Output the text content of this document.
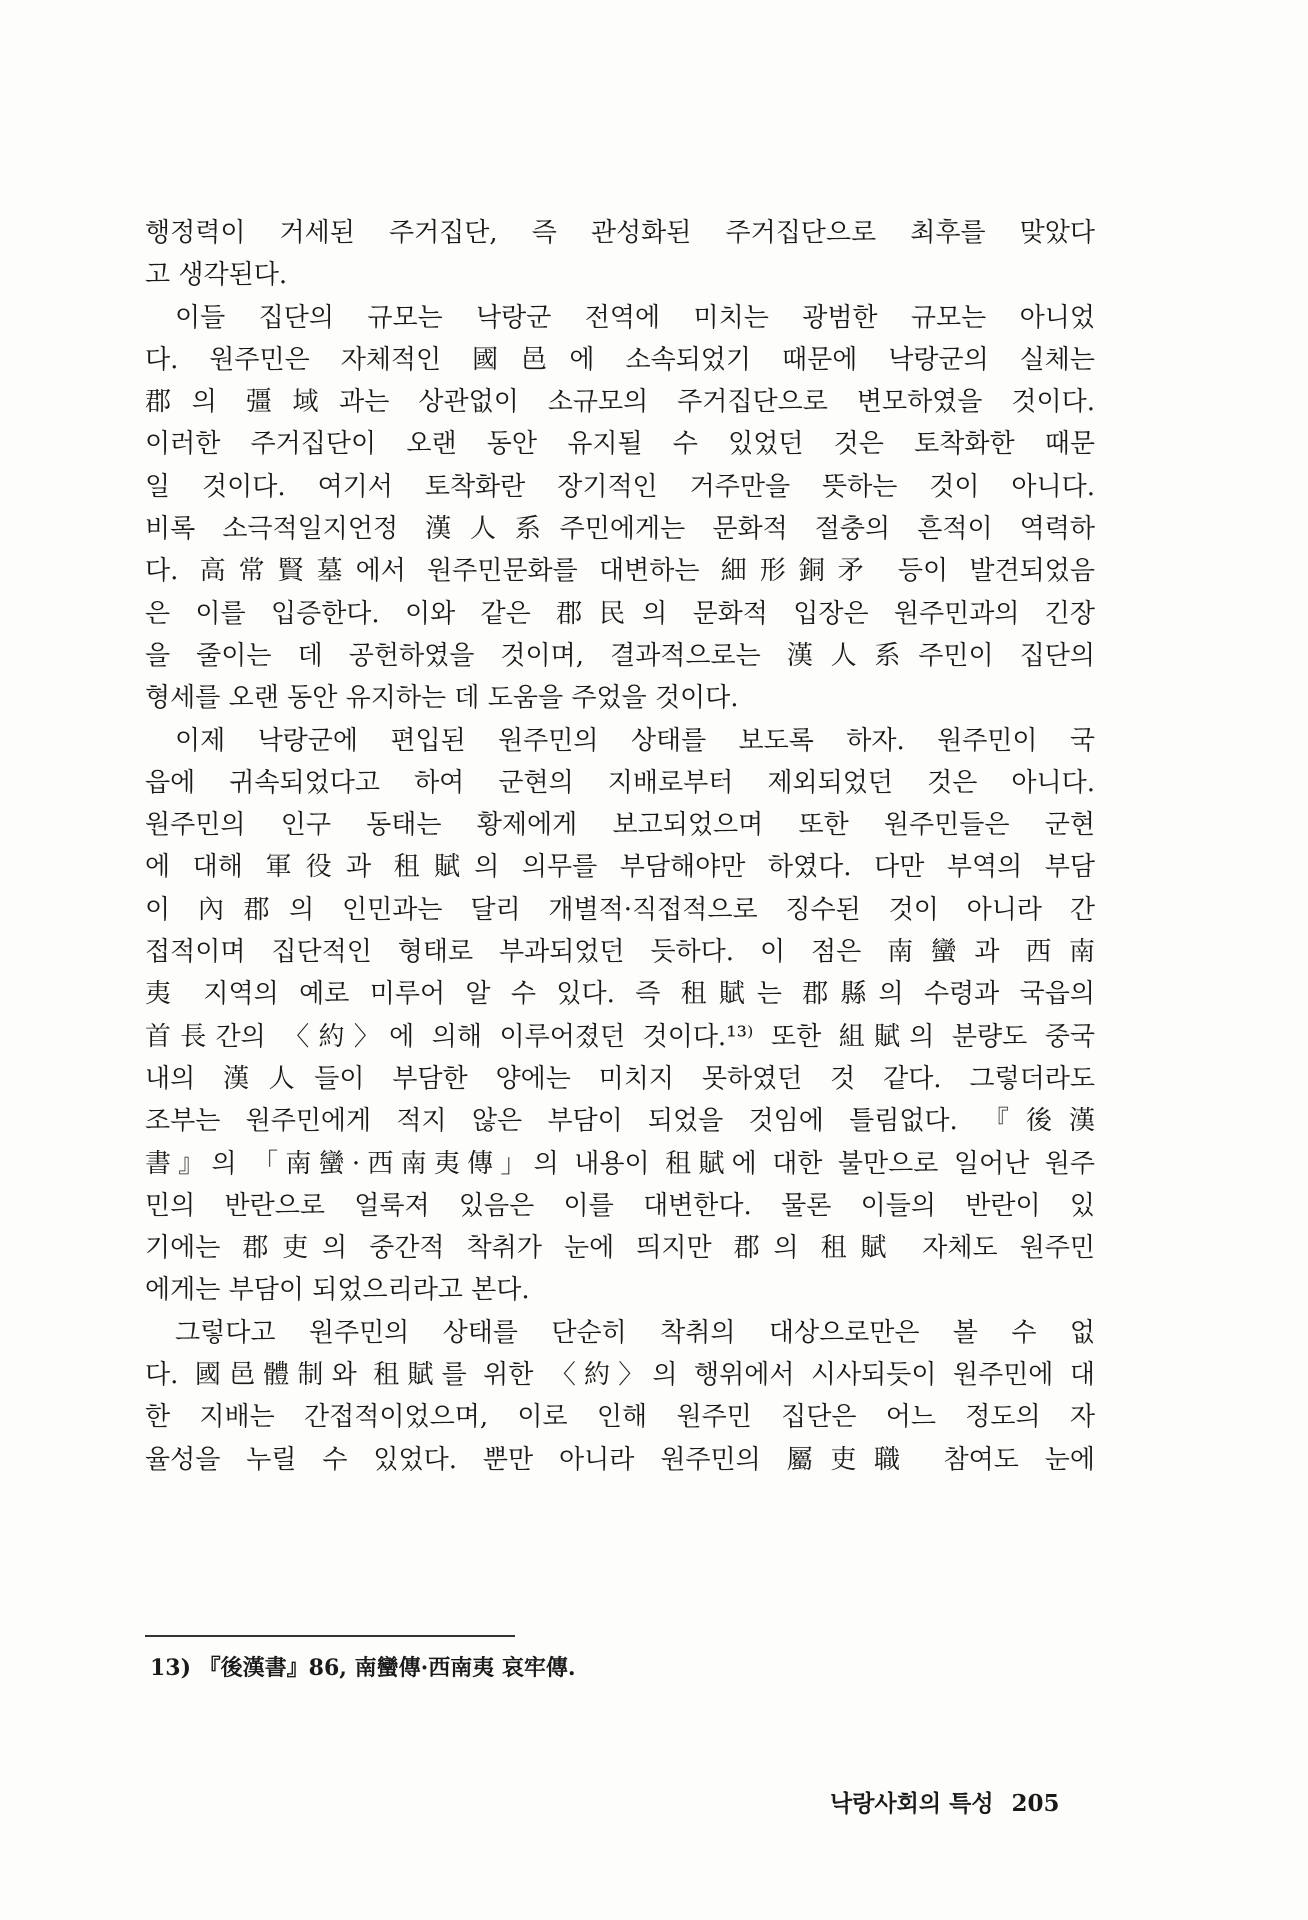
행정력이 거세된 주거집단, 즉 관성화된 주거집단으로 최후를 맞았다
고 생각된다.
이들 집단의 규모는 낙랑군 전역에 미치는 광범한 규모는 아니었
다. 원주민은 자체적인 國邑에 소속되었기 때문에 낙랑군의 실체는
郡의 彊域과는 상관없이 소규모의 주거집단으로 변모하였을 것이다.
이러한 주거집단이 오랜 동안 유지될 수 있었던 것은 토착화한 때문
일 것이다. 여기서 토착화란 장기적인 거주만을 뜻하는 것이 아니다.
비록 소극적일지언정 漢人系주민에게는 문화적 절충의 흔적이 역력하
다. 高常賢墓에서 원주민문화를 대변하는 細形銅矛 등이 발견되었음
은 이를 입증한다. 이와 같은 郡民의 문화적 입장은 원주민과의 긴장
을 줄이는 데 공헌하였을 것이며, 결과적으로는 漢人系주민이 집단의
형세를 오랜 동안 유지하는 데 도움을 주었을 것이다.
이제 낙랑군에 편입된 원주민의 상태를 보도록 하자. 원주민이 국
읍에 귀속되었다고 하여 군현의 지배로부터 제외되었던 것은 아니다.
원주민의 인구 동태는 황제에게 보고되었으며 또한 원주민들은 군현
에 대해 軍役과 租賦의 의무를 부담해야만 하였다. 다만 부역의 부담
이 內郡의 인민과는 달리 개별적·직접적으로 징수된 것이 아니라 간
접적이며 집단적인 형태로 부과되었던 듯하다. 이 점은 南蠻과 西南
夷 지역의 예로 미루어 알 수 있다. 즉 租賦는 郡縣의 수령과 국읍의
首長간의 〈約〉에 의해 이루어졌던 것이다.¹³⁾ 또한 組賦의 분량도 중국
내의 漢人들이 부담한 양에는 미치지 못하였던 것 같다. 그렇더라도
조부는 원주민에게 적지 않은 부담이 되었을 것임에 틀림없다. 『後漢
書』의 「南蠻·西南夷傳」의 내용이 租賦에 대한 불만으로 일어난 원주
민의 반란으로 얼룩져 있음은 이를 대변한다. 물론 이들의 반란이 있
기에는 郡吏의 중간적 착취가 눈에 띄지만 郡의 租賦 자체도 원주민
에게는 부담이 되었으리라고 본다.
그렇다고 원주민의 상태를 단순히 착취의 대상으로만은 볼 수 없
다. 國邑體制와 租賦를 위한 〈約〉의 행위에서 시사되듯이 원주민에 대
한 지배는 간접적이었으며, 이로 인해 원주민 집단은 어느 정도의 자
율성을 누릴 수 있었다. 뿐만 아니라 원주민의 屬吏職 참여도 눈에
13) 『後漢書』86, 南蠻傳·西南夷 哀牢傳.
낙랑사회의 특성 205
